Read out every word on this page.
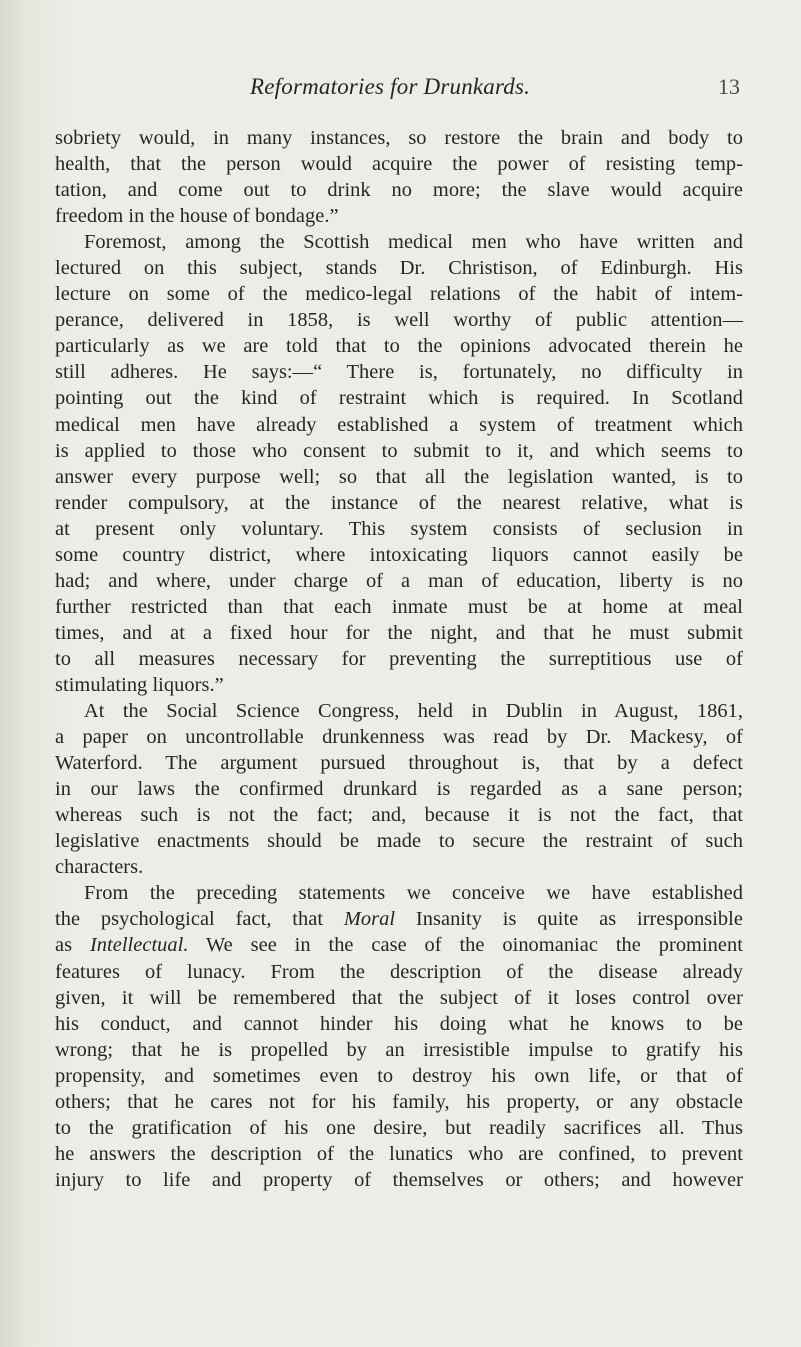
Reformatories for Drunkards.	13
sobriety would, in many instances, so restore the brain and body to
health, that the person would acquire the power of resisting temp-
tation, and come out to drink no more; the slave would acquire
freedom in the house of bondage.”
Foremost, among the Scottish medical men who have written and
lectured on this subject, stands Dr. Christison, of Edinburgh. His
lecture on some of the medico-legal relations of the habit of intem-
perance, delivered in 1858, is well worthy of public attention—
particularly as we are told that to the opinions advocated therein he
still adheres. He says:—“ There is, fortunately, no difficulty in
pointing out the kind of restraint which is required. In Scotland
medical men have already established a system of treatment which
is applied to those who consent to submit to it, and which seems to
answer every purpose well; so that all the legislation wanted, is to
render compulsory, at the instance of the nearest relative, what is
at present only voluntary. This system consists of seclusion in
some country district, where intoxicating liquors cannot easily be
had; and where, under charge of a man of education, liberty is no
further restricted than that each inmate must be at home at meal
times, and at a fixed hour for the night, and that he must submit
to all measures necessary for preventing the surreptitious use of
stimulating liquors.”
At the Social Science Congress, held in Dublin in August, 1861,
a paper on uncontrollable drunkenness was read by Dr. Mackesy, of
Waterford. The argument pursued throughout is, that by a defect
in our laws the confirmed drunkard is regarded as a sane person;
whereas such is not the fact; and, because it is not the fact, that
legislative enactments should be made to secure the restraint of such
characters.
From the preceding statements we conceive we have established
the psychological fact, that Moral Insanity is quite as irresponsible
as Intellectual. We see in the case of the oinomaniac the prominent
features of lunacy. From the description of the disease already
given, it will be remembered that the subject of it loses control over
his conduct, and cannot hinder his doing what he knows to be
wrong; that he is propelled by an irresistible impulse to gratify his
propensity, and sometimes even to destroy his own life, or that of
others; that he cares not for his family, his property, or any obstacle
to the gratification of his one desire, but readily sacrifices all. Thus
he answers the description of the lunatics who are confined, to prevent
injury to life and property of themselves or others; and however
